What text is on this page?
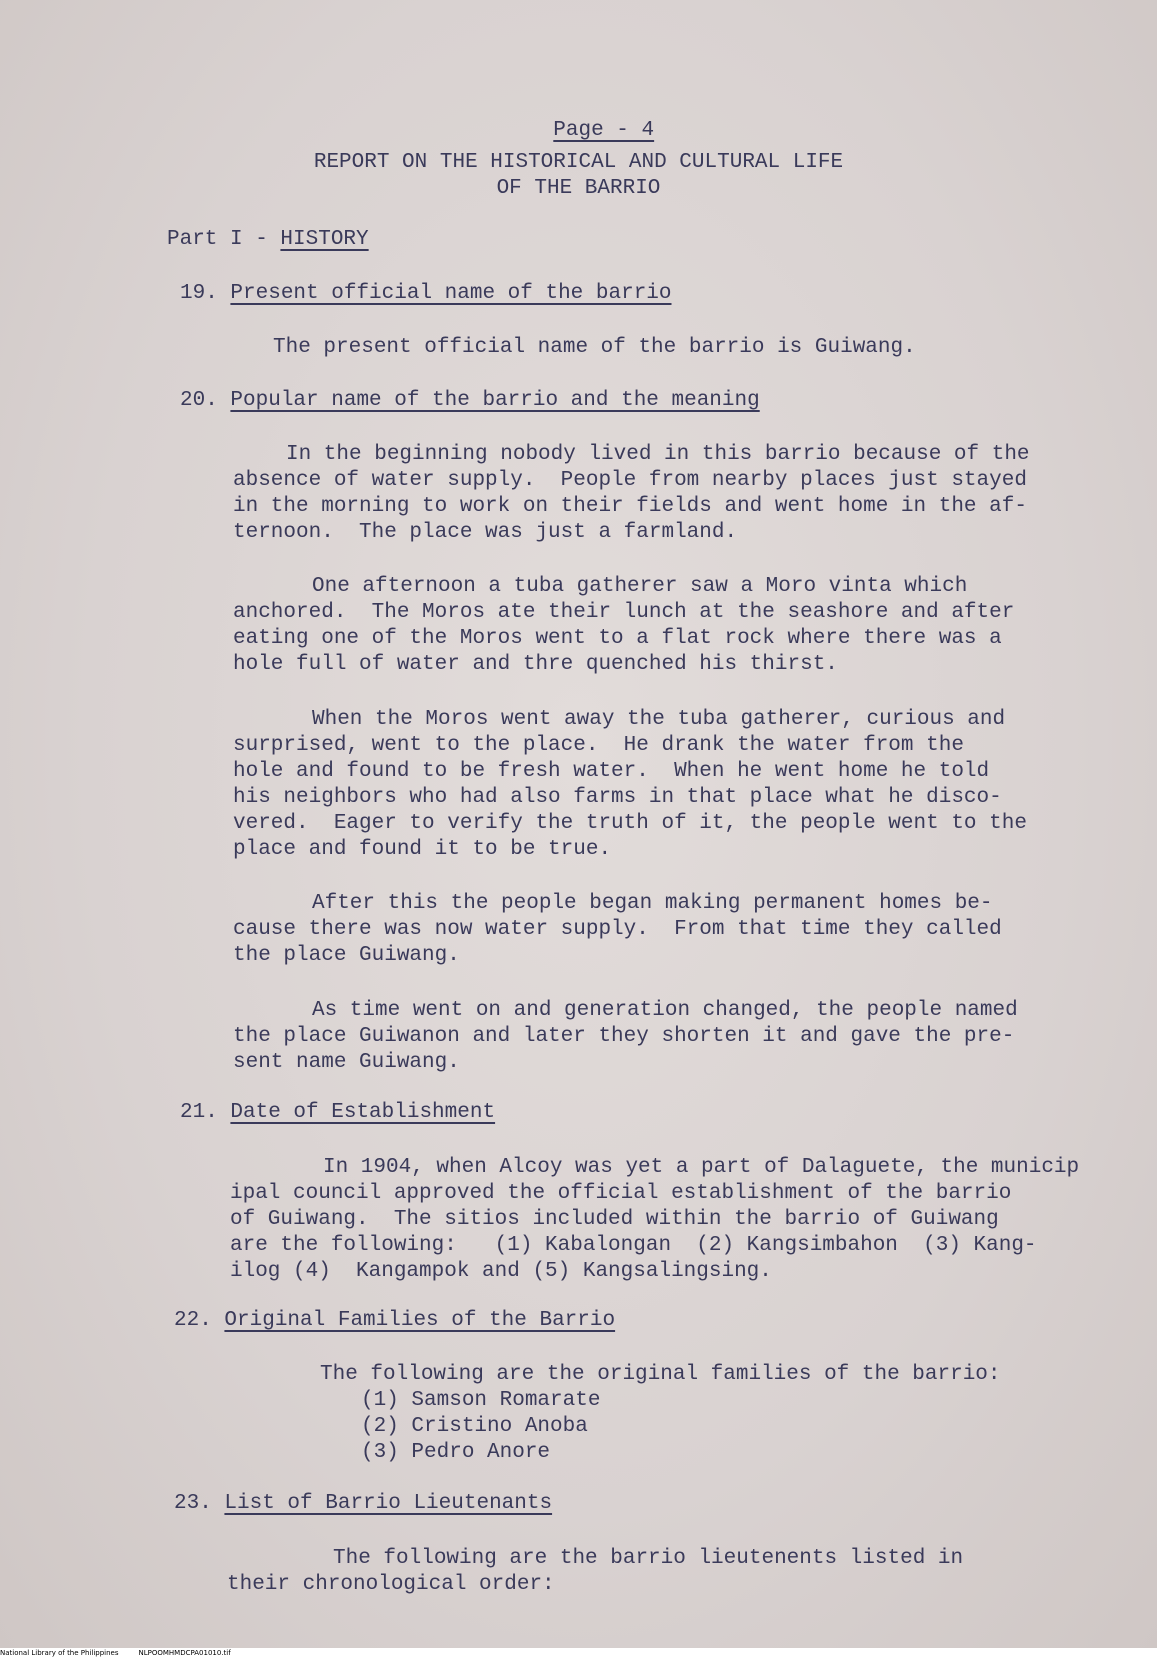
Page - 4

REPORT ON THE HISTORICAL AND CULTURAL LIFE
OF THE BARRIO
Part I - HISTORY
19. Present official name of the barrio
The present official name of the barrio is Guiwang.
20. Popular name of the barrio and the meaning
In the beginning nobody lived in this barrio because of the
absence of water supply.  People from nearby places just stayed
in the morning to work on their fields and went home in the af-
ternoon.  The place was just a farmland.
One afternoon a tuba gatherer saw a Moro vinta which
anchored.  The Moros ate their lunch at the seashore and after
eating one of the Moros went to a flat rock where there was a
hole full of water and thre quenched his thirst.
When the Moros went away the tuba gatherer, curious and
surprised, went to the place.  He drank the water from the
hole and found to be fresh water.  When he went home he told
his neighbors who had also farms in that place what he disco-
vered.  Eager to verify the truth of it, the people went to the
place and found it to be true.
After this the people began making permanent homes be-
cause there was now water supply.  From that time they called
the place Guiwang.
As time went on and generation changed, the people named
the place Guiwanon and later they shorten it and gave the pre-
sent name Guiwang.
21. Date of Establishment
In 1904, when Alcoy was yet a part of Dalaguete, the municip
ipal council approved the official establishment of the barrio
of Guiwang.  The sitios included within the barrio of Guiwang
are the following:   (1) Kabalongan  (2) Kangsimbahon  (3) Kang-
ilog (4)  Kangampok and (5) Kangsalingsing.
22. Original Families of the Barrio
The following are the original families of the barrio:
(1) Samson Romarate
(2) Cristino Anoba
(3) Pedro Anore
23. List of Barrio Lieutenants
The following are the barrio lieutenents listed in
their chronological order:
National Library of the Philippines	NLPOOMHMDCPA01010.tif
